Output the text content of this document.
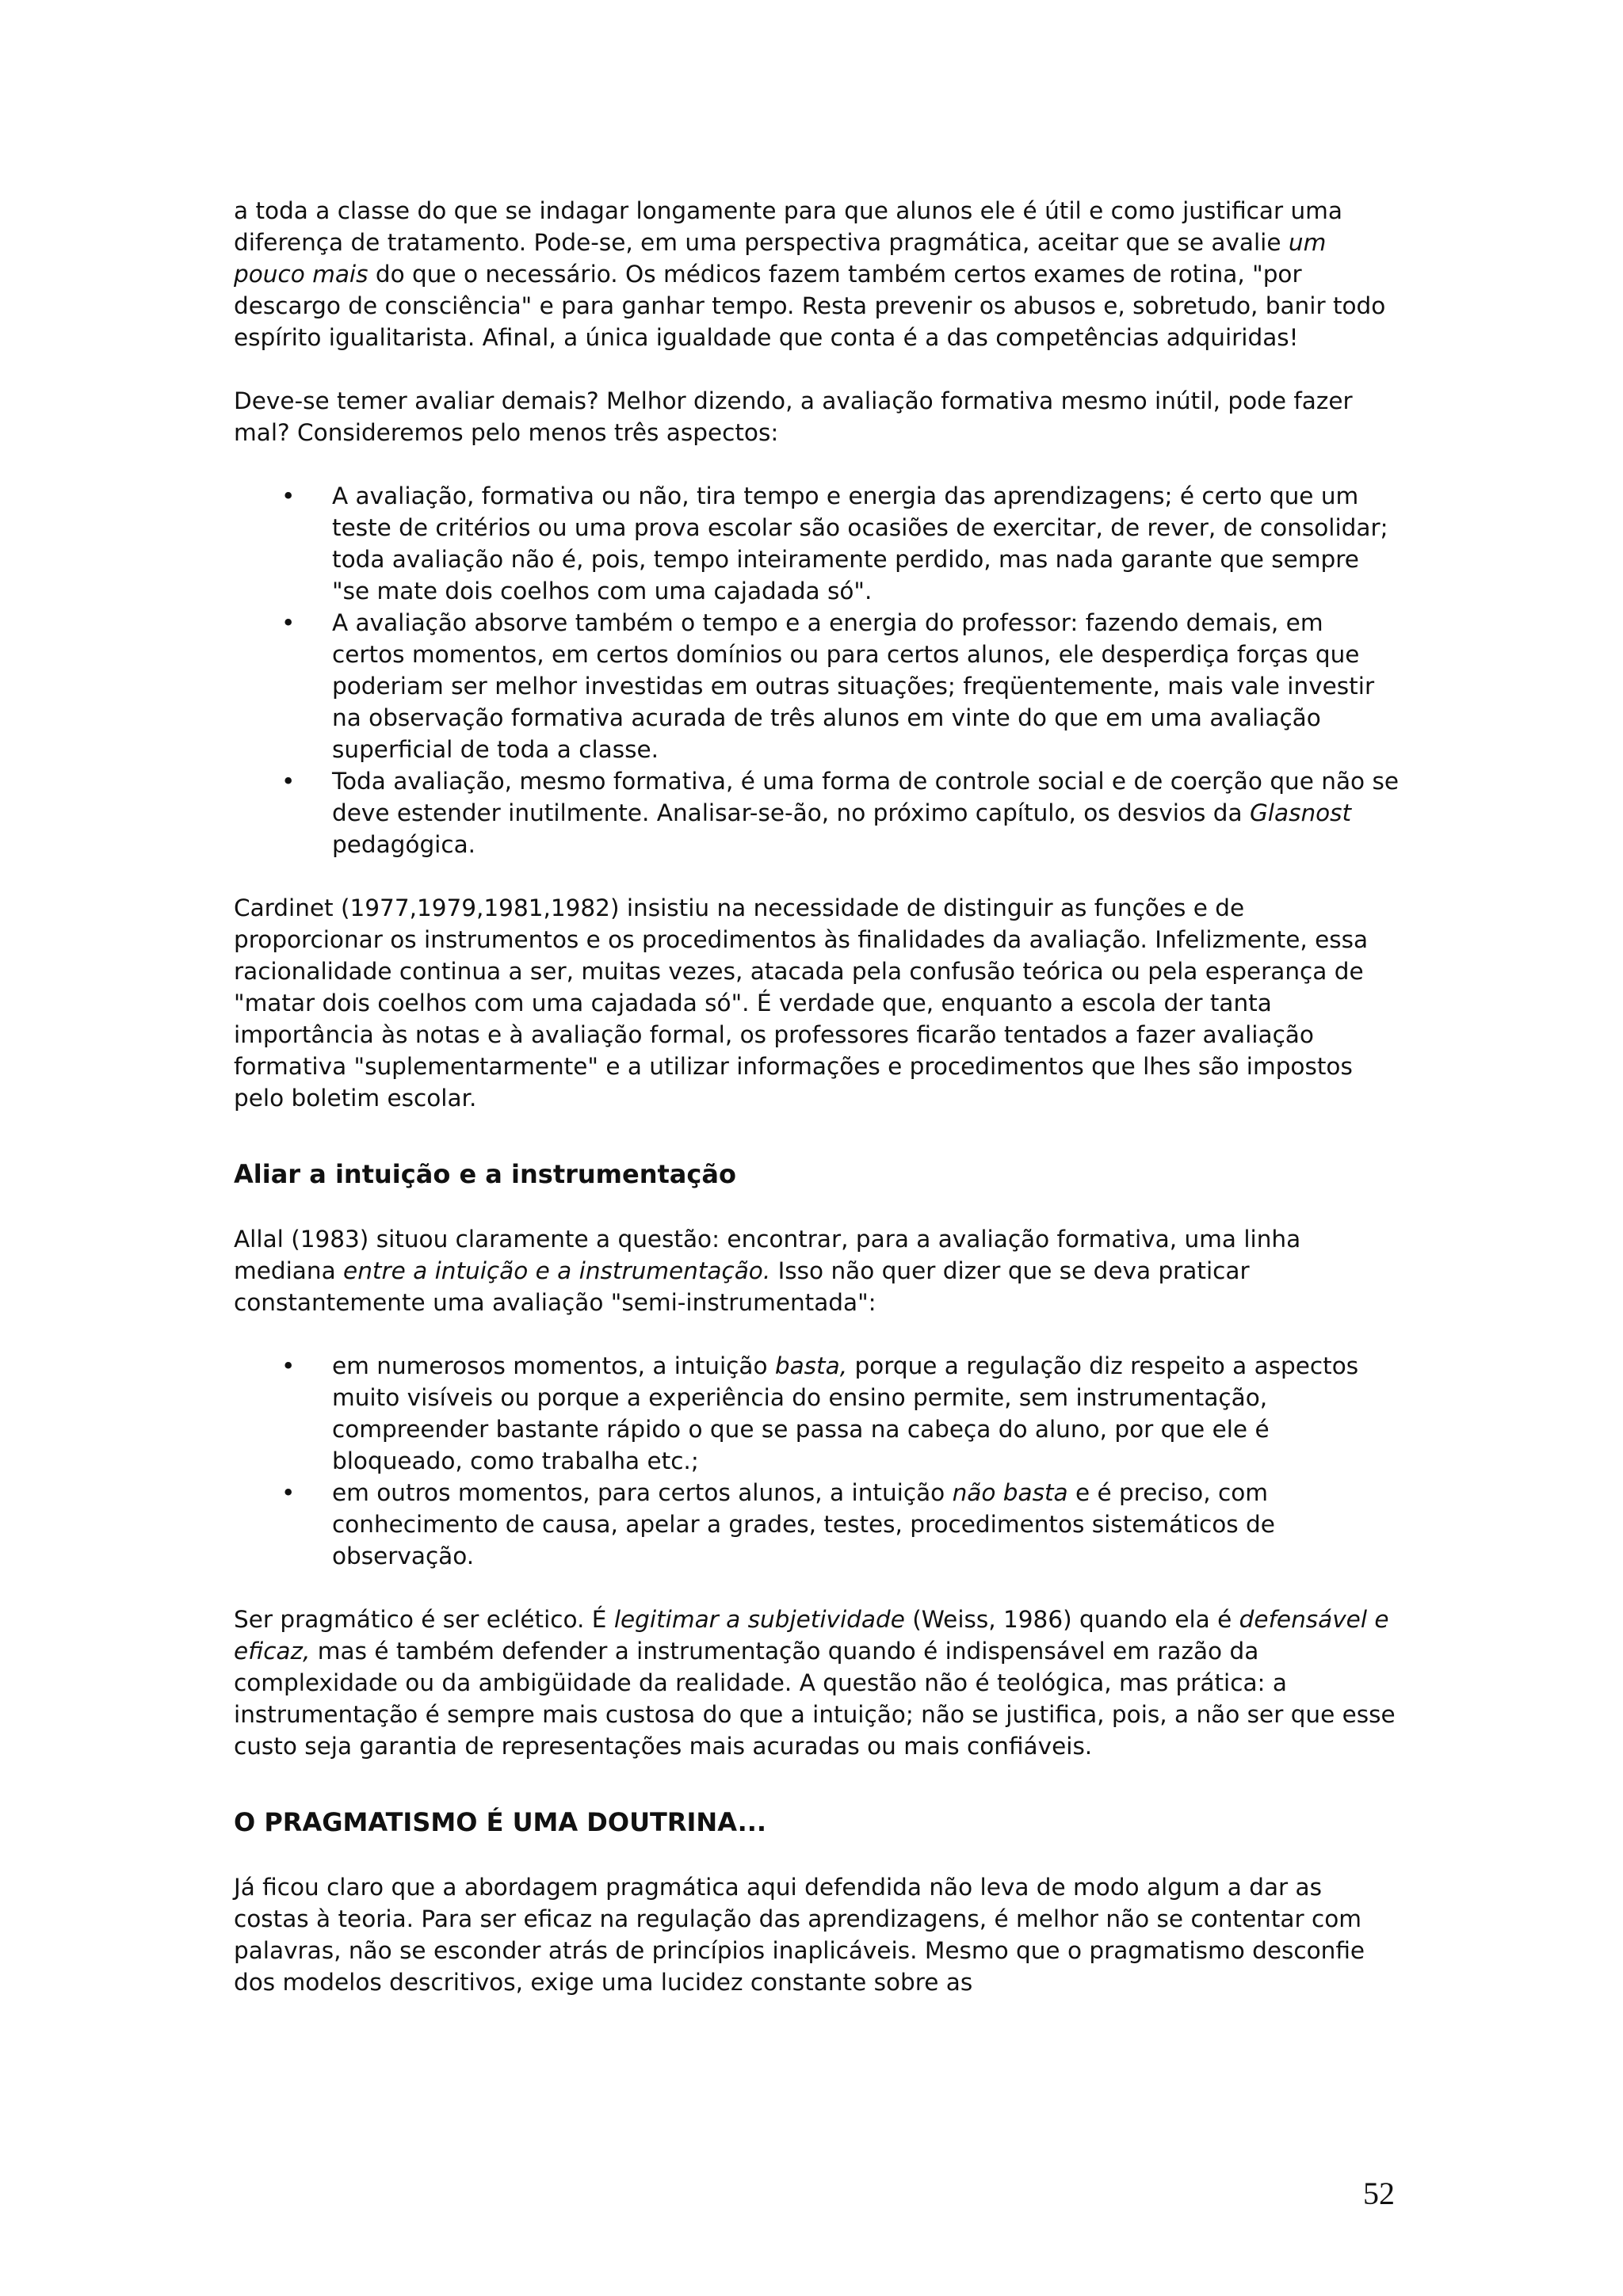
a toda a classe do que se indagar longamente para que alunos ele é útil e como justificar uma diferença de tratamento. Pode-se, em uma perspectiva pragmática, aceitar que se avalie um pouco mais do que o necessário. Os médicos fazem também certos exames de rotina, "por descargo de consciência" e para ganhar tempo. Resta prevenir os abusos e, sobretudo, banir todo espírito igualitarista. Afinal, a única igualdade que conta é a das competências adquiridas!

Deve-se temer avaliar demais? Melhor dizendo, a avaliação formativa mesmo inútil, pode fazer mal? Consideremos pelo menos três aspectos:

• A avaliação, formativa ou não, tira tempo e energia das aprendizagens; é certo que um teste de critérios ou uma prova escolar são ocasiões de exercitar, de rever, de consolidar; toda avaliação não é, pois, tempo inteiramente perdido, mas nada garante que sempre "se mate dois coelhos com uma cajadada só".
• A avaliação absorve também o tempo e a energia do professor: fazendo demais, em certos momentos, em certos domínios ou para certos alunos, ele desperdiça forças que poderiam ser melhor investidas em outras situações; freqüentemente, mais vale investir na observação formativa acurada de três alunos em vinte do que em uma avaliação superficial de toda a classe.
• Toda avaliação, mesmo formativa, é uma forma de controle social e de coerção que não se deve estender inutilmente. Analisar-se-ão, no próximo capítulo, os desvios da Glasnost pedagógica.

Cardinet (1977,1979,1981,1982) insistiu na necessidade de distinguir as funções e de proporcionar os instrumentos e os procedimentos às finalidades da avaliação. Infelizmente, essa racionalidade continua a ser, muitas vezes, atacada pela confusão teórica ou pela esperança de "matar dois coelhos com uma cajadada só". É verdade que, enquanto a escola der tanta importância às notas e à avaliação formal, os professores ficarão tentados a fazer avaliação formativa "suplementarmente" e a utilizar informações e procedimentos que lhes são impostos pelo boletim escolar.

Aliar a intuição e a instrumentação

Allal (1983) situou claramente a questão: encontrar, para a avaliação formativa, uma linha mediana entre a intuição e a instrumentação. Isso não quer dizer que se deva praticar constantemente uma avaliação "semi-instrumentada":

• em numerosos momentos, a intuição basta, porque a regulação diz respeito a aspectos muito visíveis ou porque a experiência do ensino permite, sem instrumentação, compreender bastante rápido o que se passa na cabeça do aluno, por que ele é bloqueado, como trabalha etc.;
• em outros momentos, para certos alunos, a intuição não basta e é preciso, com conhecimento de causa, apelar a grades, testes, procedimentos sistemáticos de observação.

Ser pragmático é ser eclético. É legitimar a subjetividade (Weiss, 1986) quando ela é defensável e eficaz, mas é também defender a instrumentação quando é indispensável em razão da complexidade ou da ambigüidade da realidade. A questão não é teológica, mas prática: a instrumentação é sempre mais custosa do que a intuição; não se justifica, pois, a não ser que esse custo seja garantia de representações mais acuradas ou mais confiáveis.

O PRAGMATISMO É UMA DOUTRINA...

Já ficou claro que a abordagem pragmática aqui defendida não leva de modo algum a dar as costas à teoria. Para ser eficaz na regulação das aprendizagens, é melhor não se contentar com palavras, não se esconder atrás de princípios inaplicáveis. Mesmo que o pragmatismo desconfie dos modelos descritivos, exige uma lucidez constante sobre as

52
